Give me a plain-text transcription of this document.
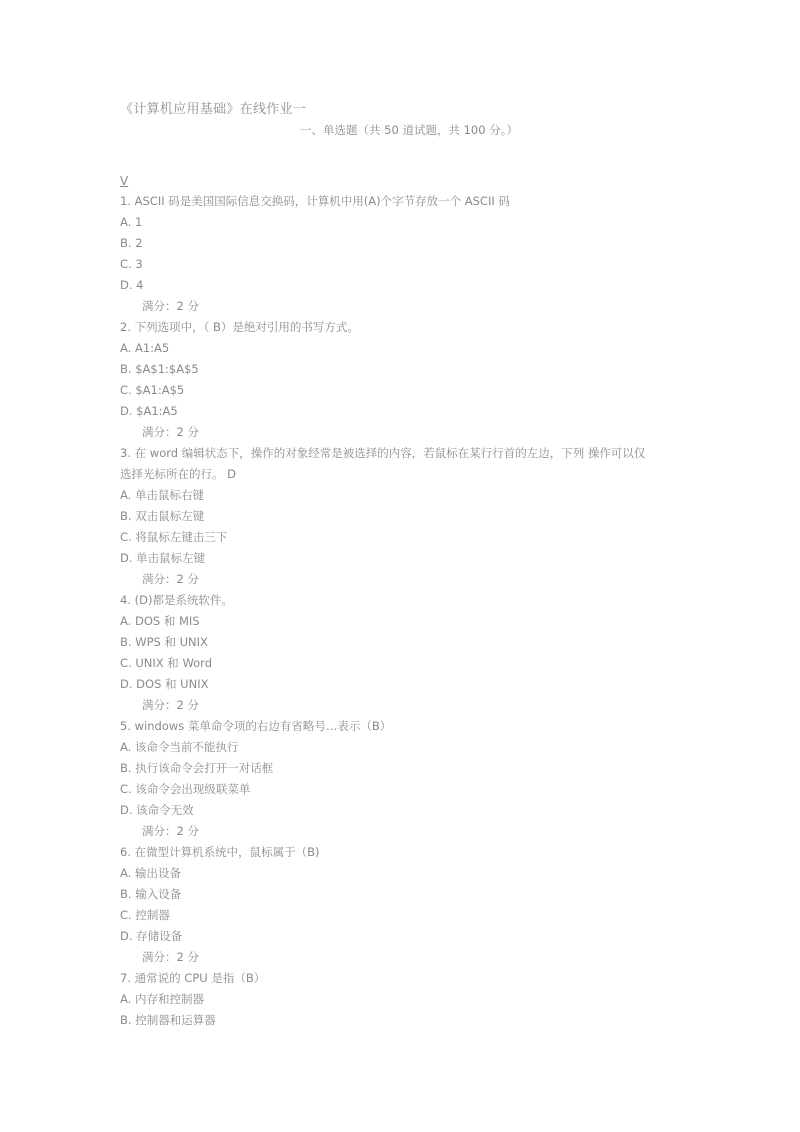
《计算机应用基础》在线作业一
一、单选题（共 50 道试题，共 100 分。）
V
1. ASCII 码是美国国际信息交换码，计算机中用(A)个字节存放一个 ASCII 码
A. 1
B. 2
C. 3
D. 4
满分：2 分
2. 下列选项中，（ B）是绝对引用的书写方式。
A. A1:A5
B. $A$1:$A$5
C. $A1:A$5
D. $A1:A5
满分：2 分
3. 在 word 编辑状态下，操作的对象经常是被选择的内容，若鼠标在某行行首的左边，下列 操作可以仅
选择光标所在的行。 D
A. 单击鼠标右键
B. 双击鼠标左键
C. 将鼠标左键击三下
D. 单击鼠标左键
满分：2 分
4. (D)都是系统软件。
A. DOS 和 MIS
B. WPS 和 UNIX
C. UNIX 和 Word
D. DOS 和 UNIX
满分：2 分
5. windows 菜单命令项的右边有省略号…表示（B）
A. 该命令当前不能执行
B. 执行该命令会打开一对话框
C. 该命令会出现级联菜单
D. 该命令无效
满分：2 分
6. 在微型计算机系统中，鼠标属于（B)
A. 输出设备
B. 输入设备
C. 控制器
D. 存储设备
满分：2 分
7. 通常说的 CPU 是指（B）
A. 内存和控制器
B. 控制器和运算器
